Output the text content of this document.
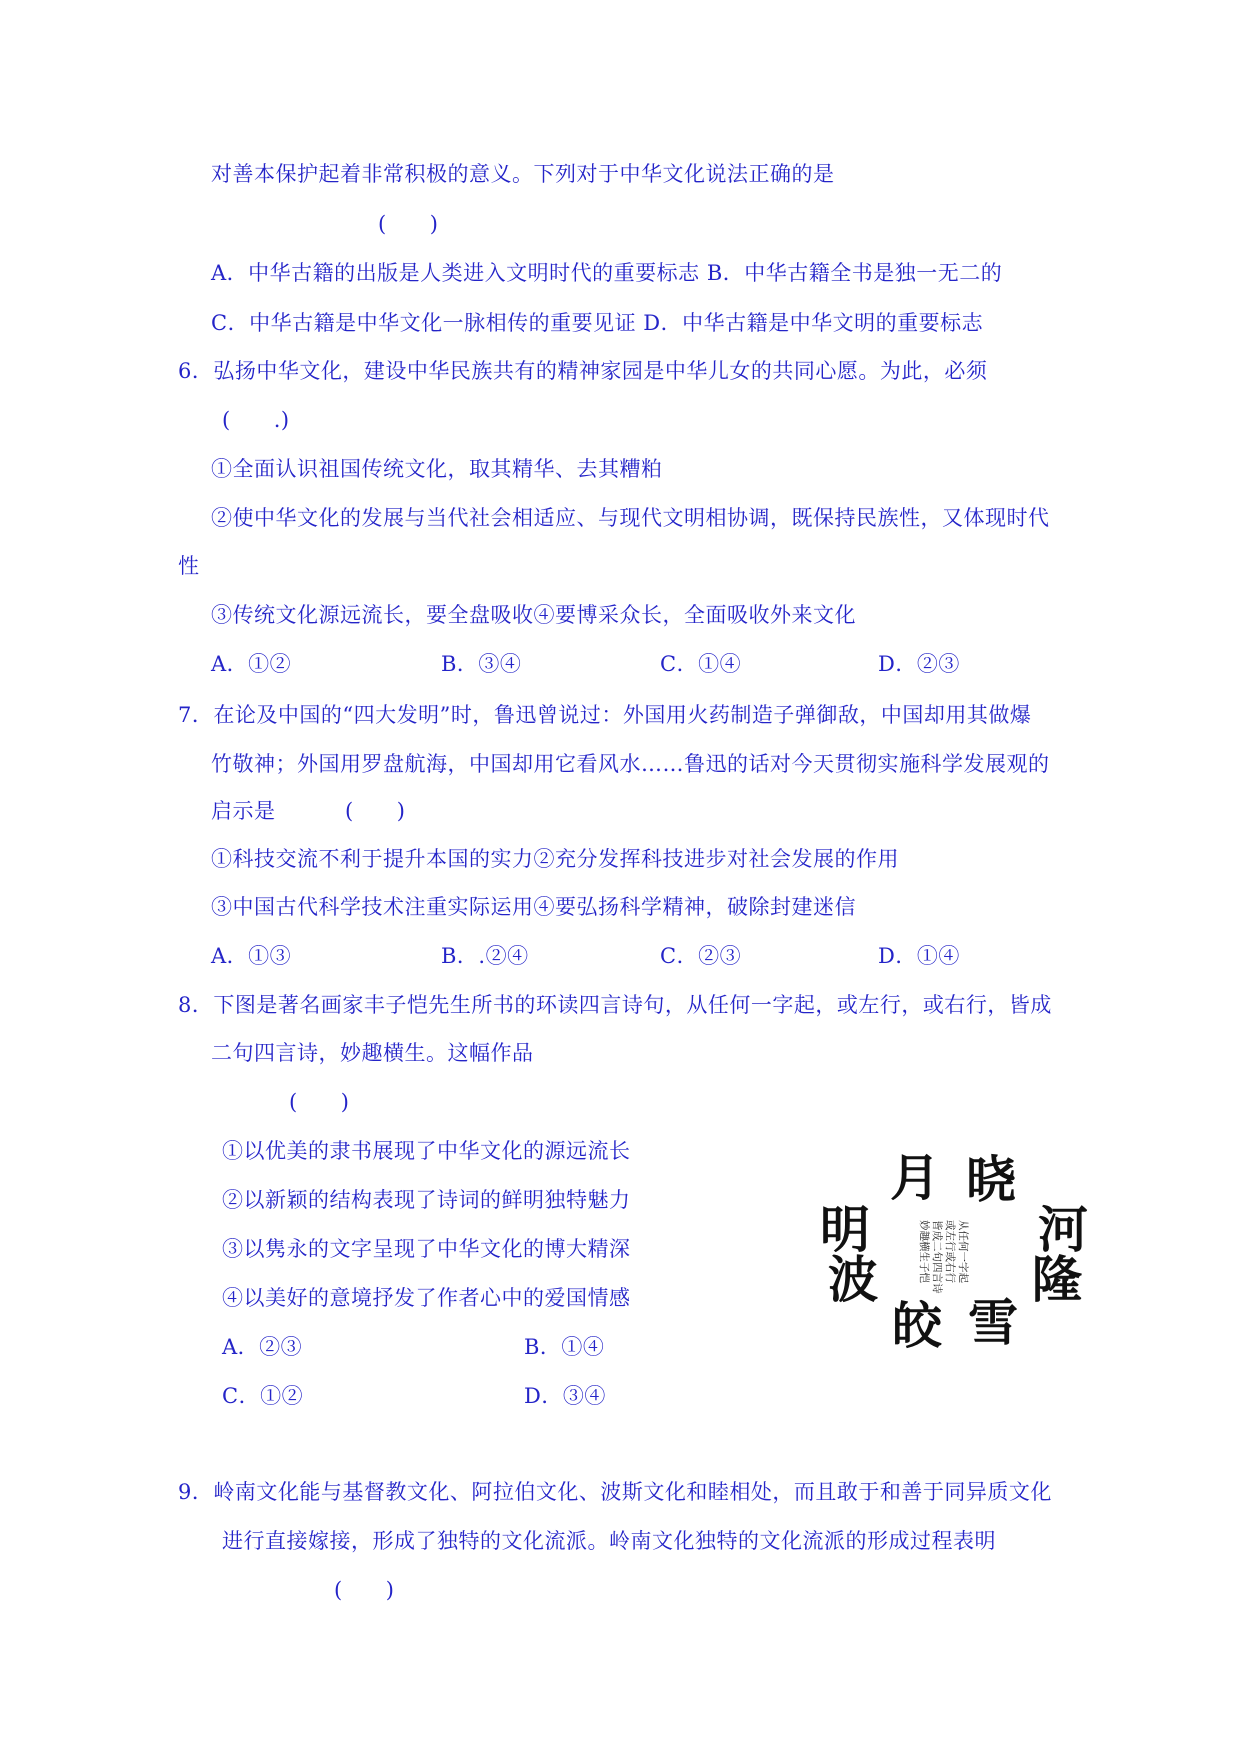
对善本保护起着非常积极的意义。下列对于中华文化说法正确的是
(　　)
A．中华古籍的出版是人类进入文明时代的重要标志 B．中华古籍全书是独一无二的
C．中华古籍是中华文化一脉相传的重要见证 D．中华古籍是中华文明的重要标志
6．弘扬中华文化，建设中华民族共有的精神家园是中华儿女的共同心愿。为此，必须
(　　.)
①全面认识祖国传统文化，取其精华、去其糟粕
②使中华文化的发展与当代社会相适应、与现代文明相协调，既保持民族性，又体现时代
性
③传统文化源远流长，要全盘吸收④要博采众长，全面吸收外来文化
A．①②	B．③④	C．①④	D．②③
7．在论及中国的“四大发明”时，鲁迅曾说过：外国用火药制造子弹御敌，中国却用其做爆
竹敬神；外国用罗盘航海，中国却用它看风水……鲁迅的话对今天贯彻实施科学发展观的
启示是	(　　)
①科技交流不利于提升本国的实力②充分发挥科技进步对社会发展的作用
③中国古代科学技术注重实际运用④要弘扬科学精神，破除封建迷信
A．①③	B．.②④	C．②③	D．①④
8．下图是著名画家丰子恺先生所书的环读四言诗句，从任何一字起，或左行，或右行，皆成
二句四言诗，妙趣横生。这幅作品
(　　)
①以优美的隶书展现了中华文化的源远流长
②以新颖的结构表现了诗词的鲜明独特魅力
③以隽永的文字呈现了中华文化的博大精深
④以美好的意境抒发了作者心中的爱国情感
A．②③	B．①④
C．①②	D．③④
月 晓
明	河
波	隆
皎 雪
从任何一字起
或左行或右行
皆成二句四言诗
妙趣横生子恺
9．岭南文化能与基督教文化、阿拉伯文化、波斯文化和睦相处，而且敢于和善于同异质文化
进行直接嫁接，形成了独特的文化流派。岭南文化独特的文化流派的形成过程表明
(　　)
